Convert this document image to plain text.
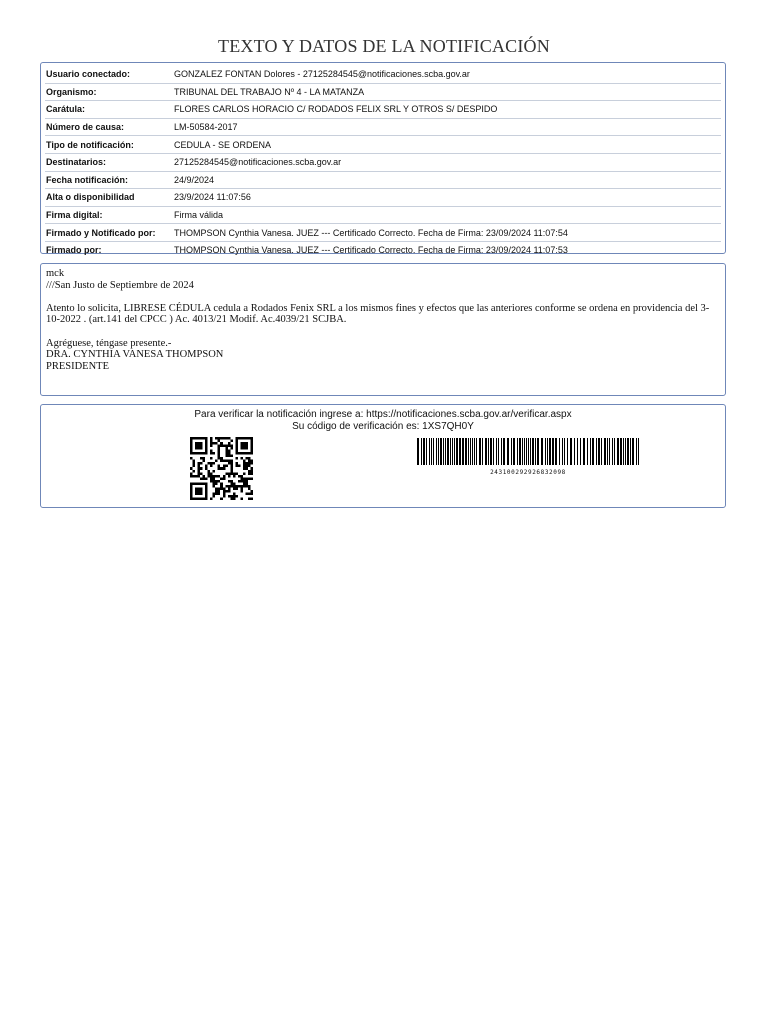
TEXTO Y DATOS DE LA NOTIFICACIÓN
Usuario conectado:	GONZALEZ FONTAN Dolores - 27125284545@notificaciones.scba.gov.ar
Organismo:	TRIBUNAL DEL TRABAJO Nº 4 - LA MATANZA
Carátula:	FLORES CARLOS HORACIO C/ RODADOS FELIX SRL Y OTROS S/ DESPIDO
Número de causa:	LM-50584-2017
Tipo de notificación:	CEDULA - SE ORDENA
Destinatarios:	27125284545@notificaciones.scba.gov.ar
Fecha notificación:	24/9/2024
Alta o disponibilidad	23/9/2024 11:07:56
Firma digital:	Firma válida
Firmado y Notificado por:	THOMPSON Cynthia Vanesa. JUEZ --- Certificado Correcto. Fecha de Firma: 23/09/2024 11:07:54
Firmado por:	THOMPSON Cynthia Vanesa. JUEZ --- Certificado Correcto. Fecha de Firma: 23/09/2024 11:07:53

mck

///San Justo de Septiembre de 2024

Atento lo solicita, LIBRESE CÉDULA cedula a Rodados Fenix SRL a los mismos fines y efectos que las anteriores conforme se ordena en providencia del 3-10-2022 . (art.141 del CPCC ) Ac. 4013/21 Modif. Ac.4039/21 SCJBA.

Agréguese, téngase presente.-

DRA. CYNTHIA VANESA THOMPSON

PRESIDENTE

Para verificar la notificación ingrese a: https://notificaciones.scba.gov.ar/verificar.aspx
Su código de verificación es: 1XS7QH0Y
243100292926832098
